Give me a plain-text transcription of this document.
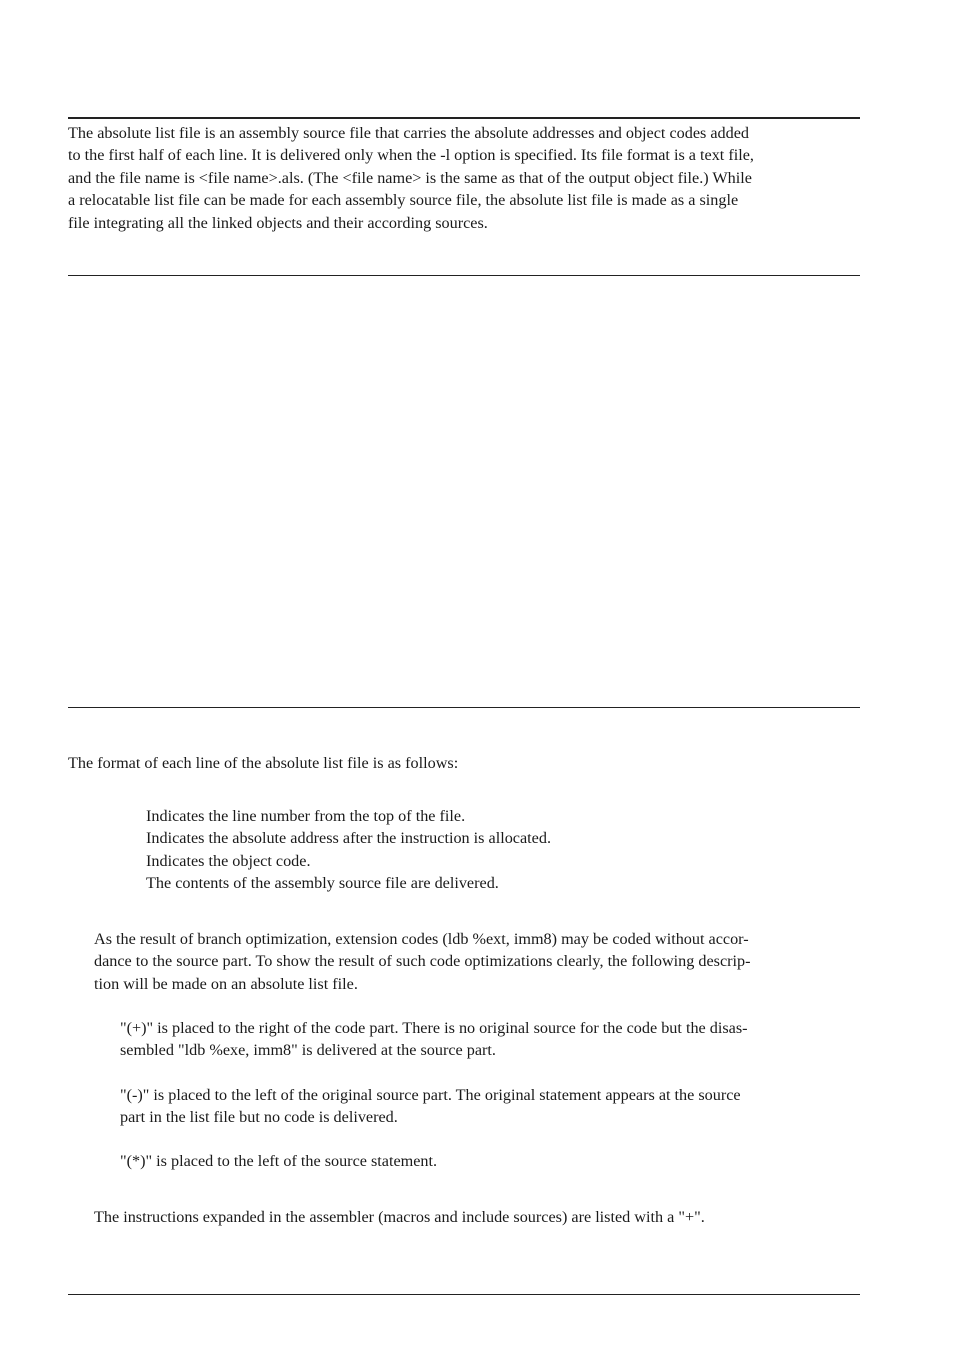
The absolute list file is an assembly source file that carries the absolute addresses and object codes added
to the first half of each line. It is delivered only when the -l option is specified. Its file format is a text file,
and the file name is <file name>.als. (The <file name> is the same as that of the output object file.) While
a relocatable list file can be made for each assembly source file, the absolute list file is made as a single
file integrating all the linked objects and their according sources.

The format of each line of the absolute list file is as follows:

Indicates the line number from the top of the file.
Indicates the absolute address after the instruction is allocated.
Indicates the object code.
The contents of the assembly source file are delivered.

As the result of branch optimization, extension codes (ldb %ext, imm8) may be coded without accor-
dance to the source part. To show the result of such code optimizations clearly, the following descrip-
tion will be made on an absolute list file.

"(+)" is placed to the right of the code part. There is no original source for the code but the disas-
sembled "ldb %exe, imm8" is delivered at the source part.

"(-)" is placed to the left of the original source part. The original statement appears at the source
part in the list file but no code is delivered.

"(*)" is placed to the left of the source statement.

The instructions expanded in the assembler (macros and include sources) are listed with a "+".
